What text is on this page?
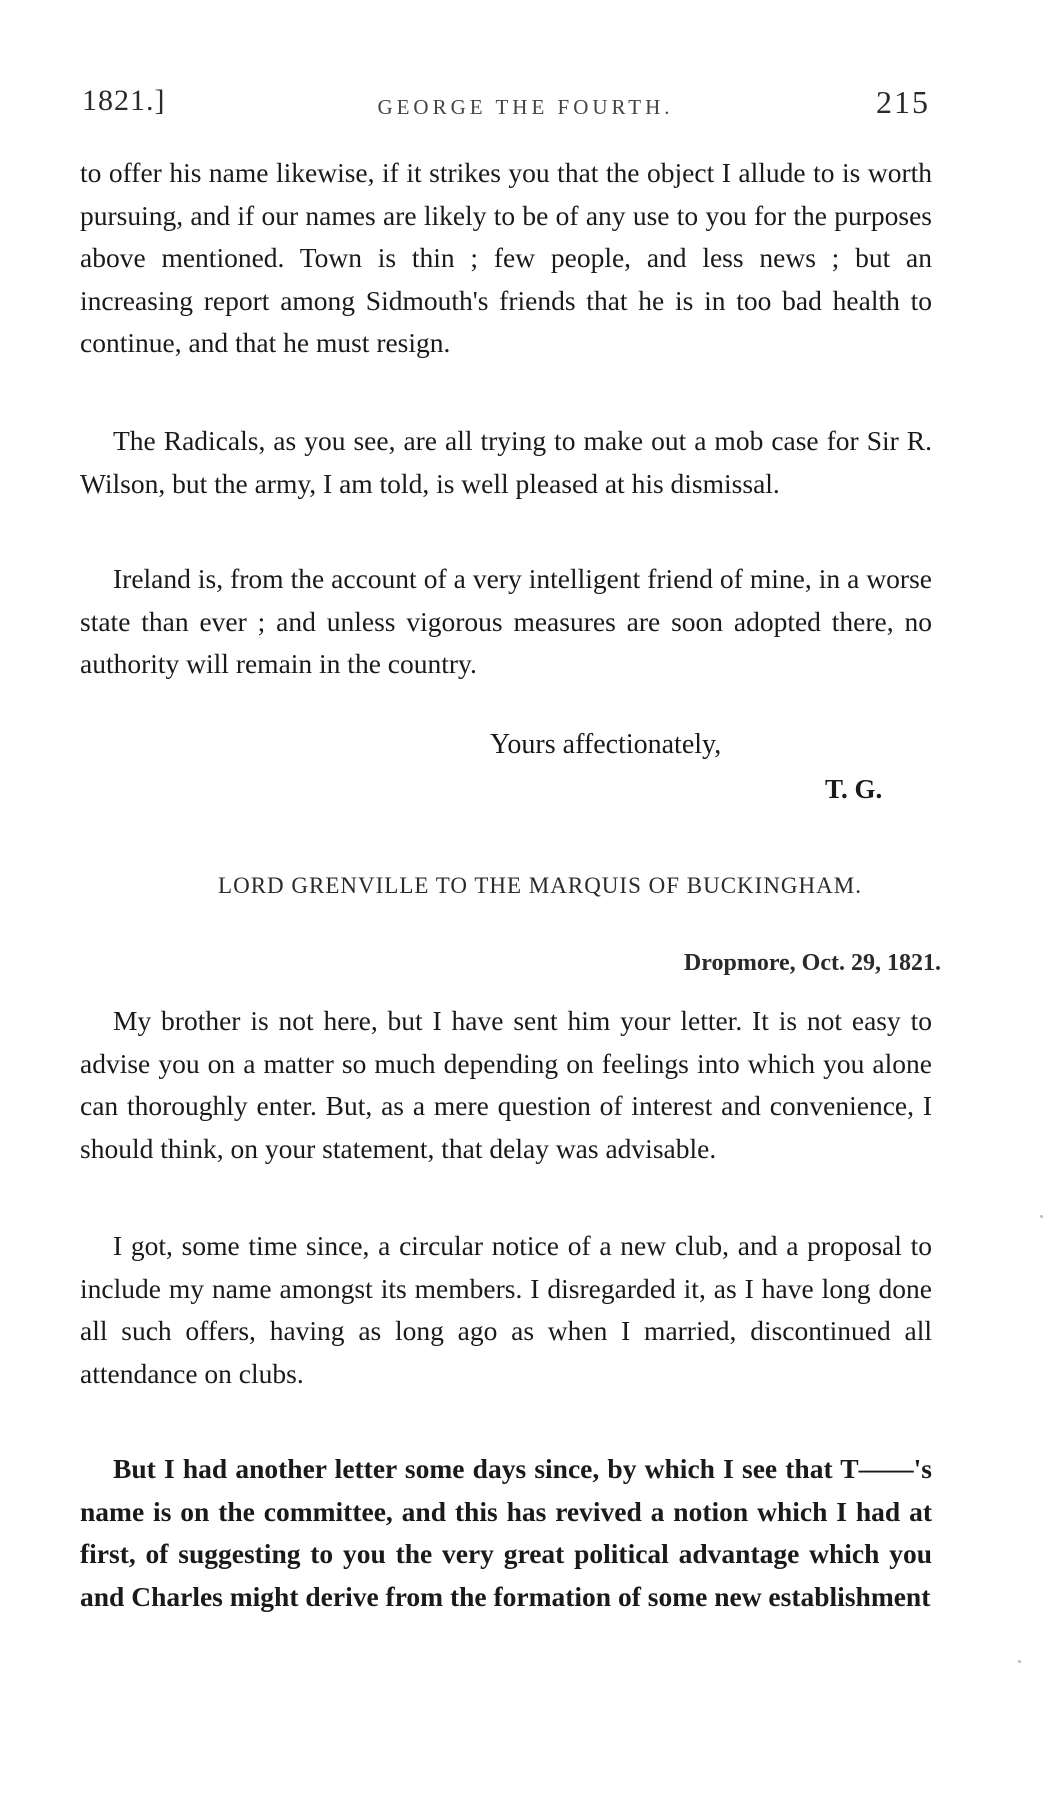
1821.]	GEORGE THE FOURTH.	215

to offer his name likewise, if it strikes you that the object I allude to is worth pursuing, and if our names are likely to be of any use to you for the purposes above mentioned. Town is thin ; few people, and less news ; but an increasing report among Sidmouth's friends that he is in too bad health to continue, and that he must resign.

The Radicals, as you see, are all trying to make out a mob case for Sir R. Wilson, but the army, I am told, is well pleased at his dismissal.

Ireland is, from the account of a very intelligent friend of mine, in a worse state than ever ; and unless vigorous measures are soon adopted there, no authority will remain in the country.

Yours affectionately,
T. G.
LORD GRENVILLE TO THE MARQUIS OF BUCKINGHAM.
Dropmore, Oct. 29, 1821.

My brother is not here, but I have sent him your letter. It is not easy to advise you on a matter so much depending on feelings into which you alone can thoroughly enter. But, as a mere question of interest and convenience, I should think, on your statement, that delay was advisable.

I got, some time since, a circular notice of a new club, and a proposal to include my name amongst its members. I disregarded it, as I have long done all such offers, having as long ago as when I married, discontinued all attendance on clubs.

But I had another letter some days since, by which I see that T——'s name is on the committee, and this has revived a notion which I had at first, of suggesting to you the very great political advantage which you and Charles might derive from the formation of some new establishment
